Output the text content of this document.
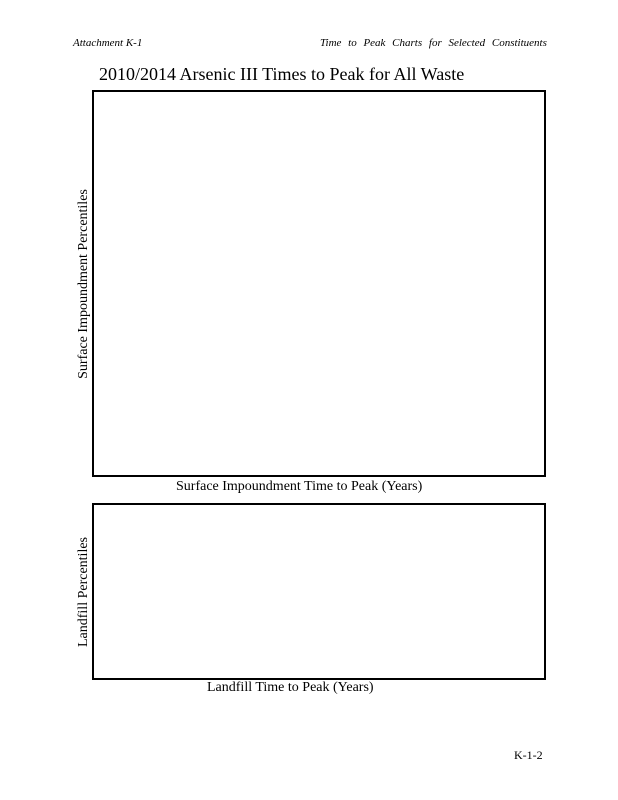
Attachment K-1	Time to Peak Charts for Selected Constituents
2010/2014 Arsenic III Times to Peak for All Waste
Surface Impoundment Percentiles
Surface Impoundment Time to Peak (Years)
Landfill Percentiles
Landfill Time to Peak (Years)
K-1-2
